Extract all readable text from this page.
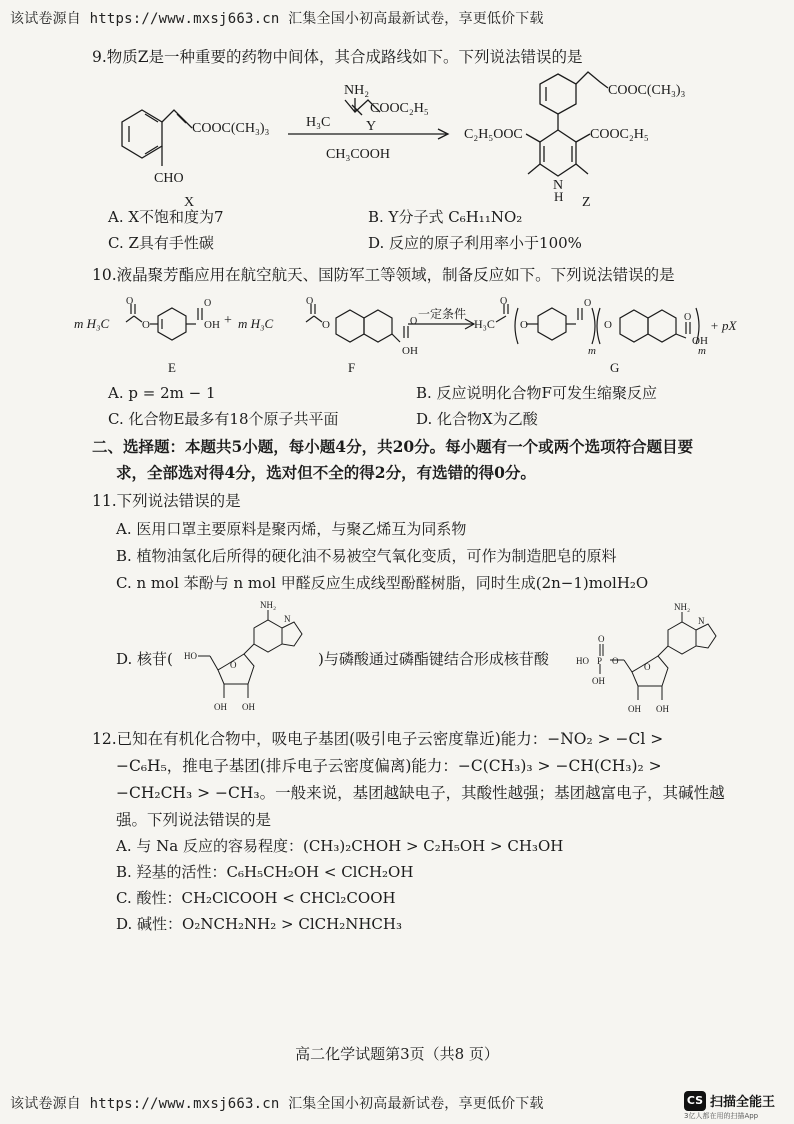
该试卷源自 https://www.mxsj663.cn 汇集全国小初高最新试卷，享更低价下载
9.物质Z是一种重要的药物中间体，其合成路线如下。下列说法错误的是
COOC(CH₃)₃
CHO
X
NH₂
H₃C
COOC₂H₅
Y
CH₃COOH
COOC(CH₃)₃
C₂H₅OOC	COOC₂H₅
N
H Z
A. X不饱和度为7	B. Y分子式 C₆H₁₁NO₂
C. Z具有手性碳	D. 反应的原子利用率小于100%
10.液晶聚芳酯应用在航空航天、国防军工等领域，制备反应如下。下列说法错误的是
m H₃C
O
O
O
OH + m H₃C
O
O	O
OH
一定条件
H₃C
O
O
O
m
O
O
OH
m
+ pX
E	F	G
A. p = 2m − 1	B. 反应说明化合物F可发生缩聚反应
C. 化合物E最多有18个原子共平面	D. 化合物X为乙酸
二、选择题：本题共5小题，每小题4分，共20分。每小题有一个或两个选项符合题目要
求，全部选对得4分，选对但不全的得2分，有选错的得0分。
11.下列说法错误的是
A. 医用口罩主要原料是聚丙烯，与聚乙烯互为同系物
B. 植物油氢化后所得的硬化油不易被空气氧化变质，可作为制造肥皂的原料
C. n mol 苯酚与 n mol 甲醛反应生成线型酚醛树脂，同时生成(2n−1)molH₂O
D. 核苷(
NH₂
N
HO
O
OH OH
)与磷酸通过磷酯键结合形成核苷酸
NH₂
N
O
HO P O
OH
O
OH OH
12.已知在有机化合物中，吸电子基团(吸引电子云密度靠近)能力：−NO₂ > −Cl >
−C₆H₅，推电子基团(排斥电子云密度偏离)能力：−C(CH₃)₃ > −CH(CH₃)₂ >
−CH₂CH₃ > −CH₃。一般来说，基团越缺电子，其酸性越强；基团越富电子，其碱性越
强。下列说法错误的是
A. 与 Na 反应的容易程度：(CH₃)₂CHOH > C₂H₅OH > CH₃OH
B. 羟基的活性：C₆H₅CH₂OH < ClCH₂OH
C. 酸性：CH₂ClCOOH < CHCl₂COOH
D. 碱性：O₂NCH₂NH₂ > ClCH₂NHCH₃
高二化学试题第3页（共8 页）
该试卷源自 https://www.mxsj663.cn 汇集全国小初高最新试卷，享更低价下载	CS 扫描全能王
3亿人都在用的扫描App
